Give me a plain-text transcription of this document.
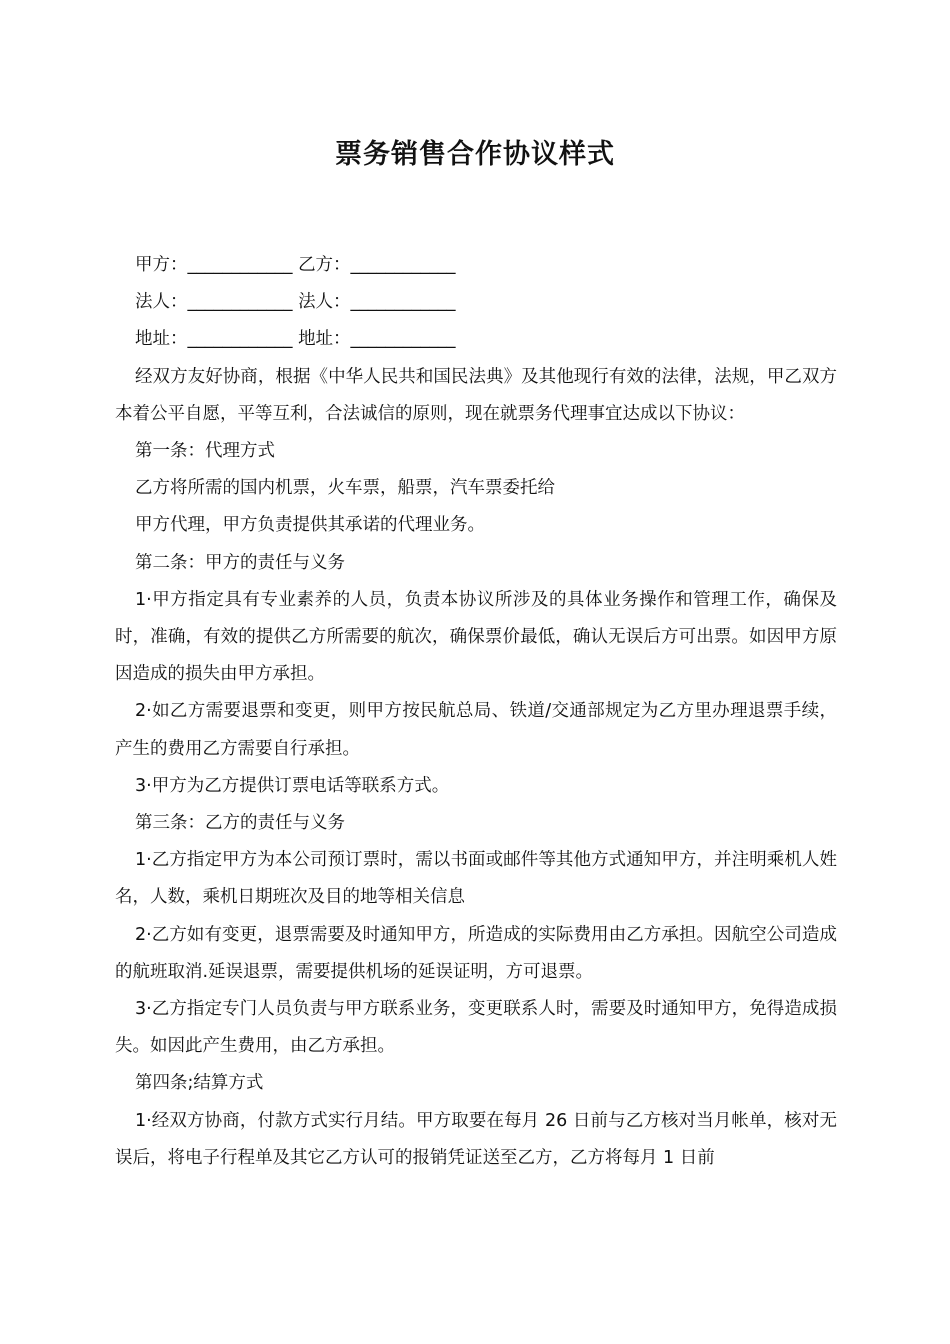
票务销售合作协议样式
甲方：____________ 乙方：____________
法人：____________ 法人：____________
地址：____________ 地址：____________

经双方友好协商，根据《中华人民共和国民法典》及其他现行有效的法律，法规，甲乙双方本着公平自愿，平等互利，合法诚信的原则，现在就票务代理事宜达成以下协议：

第一条：代理方式

乙方将所需的国内机票，火车票，船票，汽车票委托给

甲方代理，甲方负责提供其承诺的代理业务。

第二条：甲方的责任与义务

1·甲方指定具有专业素养的人员，负责本协议所涉及的具体业务操作和管理工作，确保及时，准确，有效的提供乙方所需要的航次，确保票价最低，确认无误后方可出票。如因甲方原因造成的损失由甲方承担。

2·如乙方需要退票和变更，则甲方按民航总局、铁道/交通部规定为乙方里办理退票手续，产生的费用乙方需要自行承担。

3·甲方为乙方提供订票电话等联系方式。

第三条：乙方的责任与义务

1·乙方指定甲方为本公司预订票时，需以书面或邮件等其他方式通知甲方，并注明乘机人姓名，人数，乘机日期班次及目的地等相关信息

2·乙方如有变更，退票需要及时通知甲方，所造成的实际费用由乙方承担。因航空公司造成的航班取消.延误退票，需要提供机场的延误证明，方可退票。

3·乙方指定专门人员负责与甲方联系业务，变更联系人时，需要及时通知甲方，免得造成损失。如因此产生费用，由乙方承担。

第四条;结算方式

1·经双方协商，付款方式实行月结。甲方取要在每月 26 日前与乙方核对当月帐单，核对无误后，将电子行程单及其它乙方认可的报销凭证送至乙方，乙方将每月 1 日前
